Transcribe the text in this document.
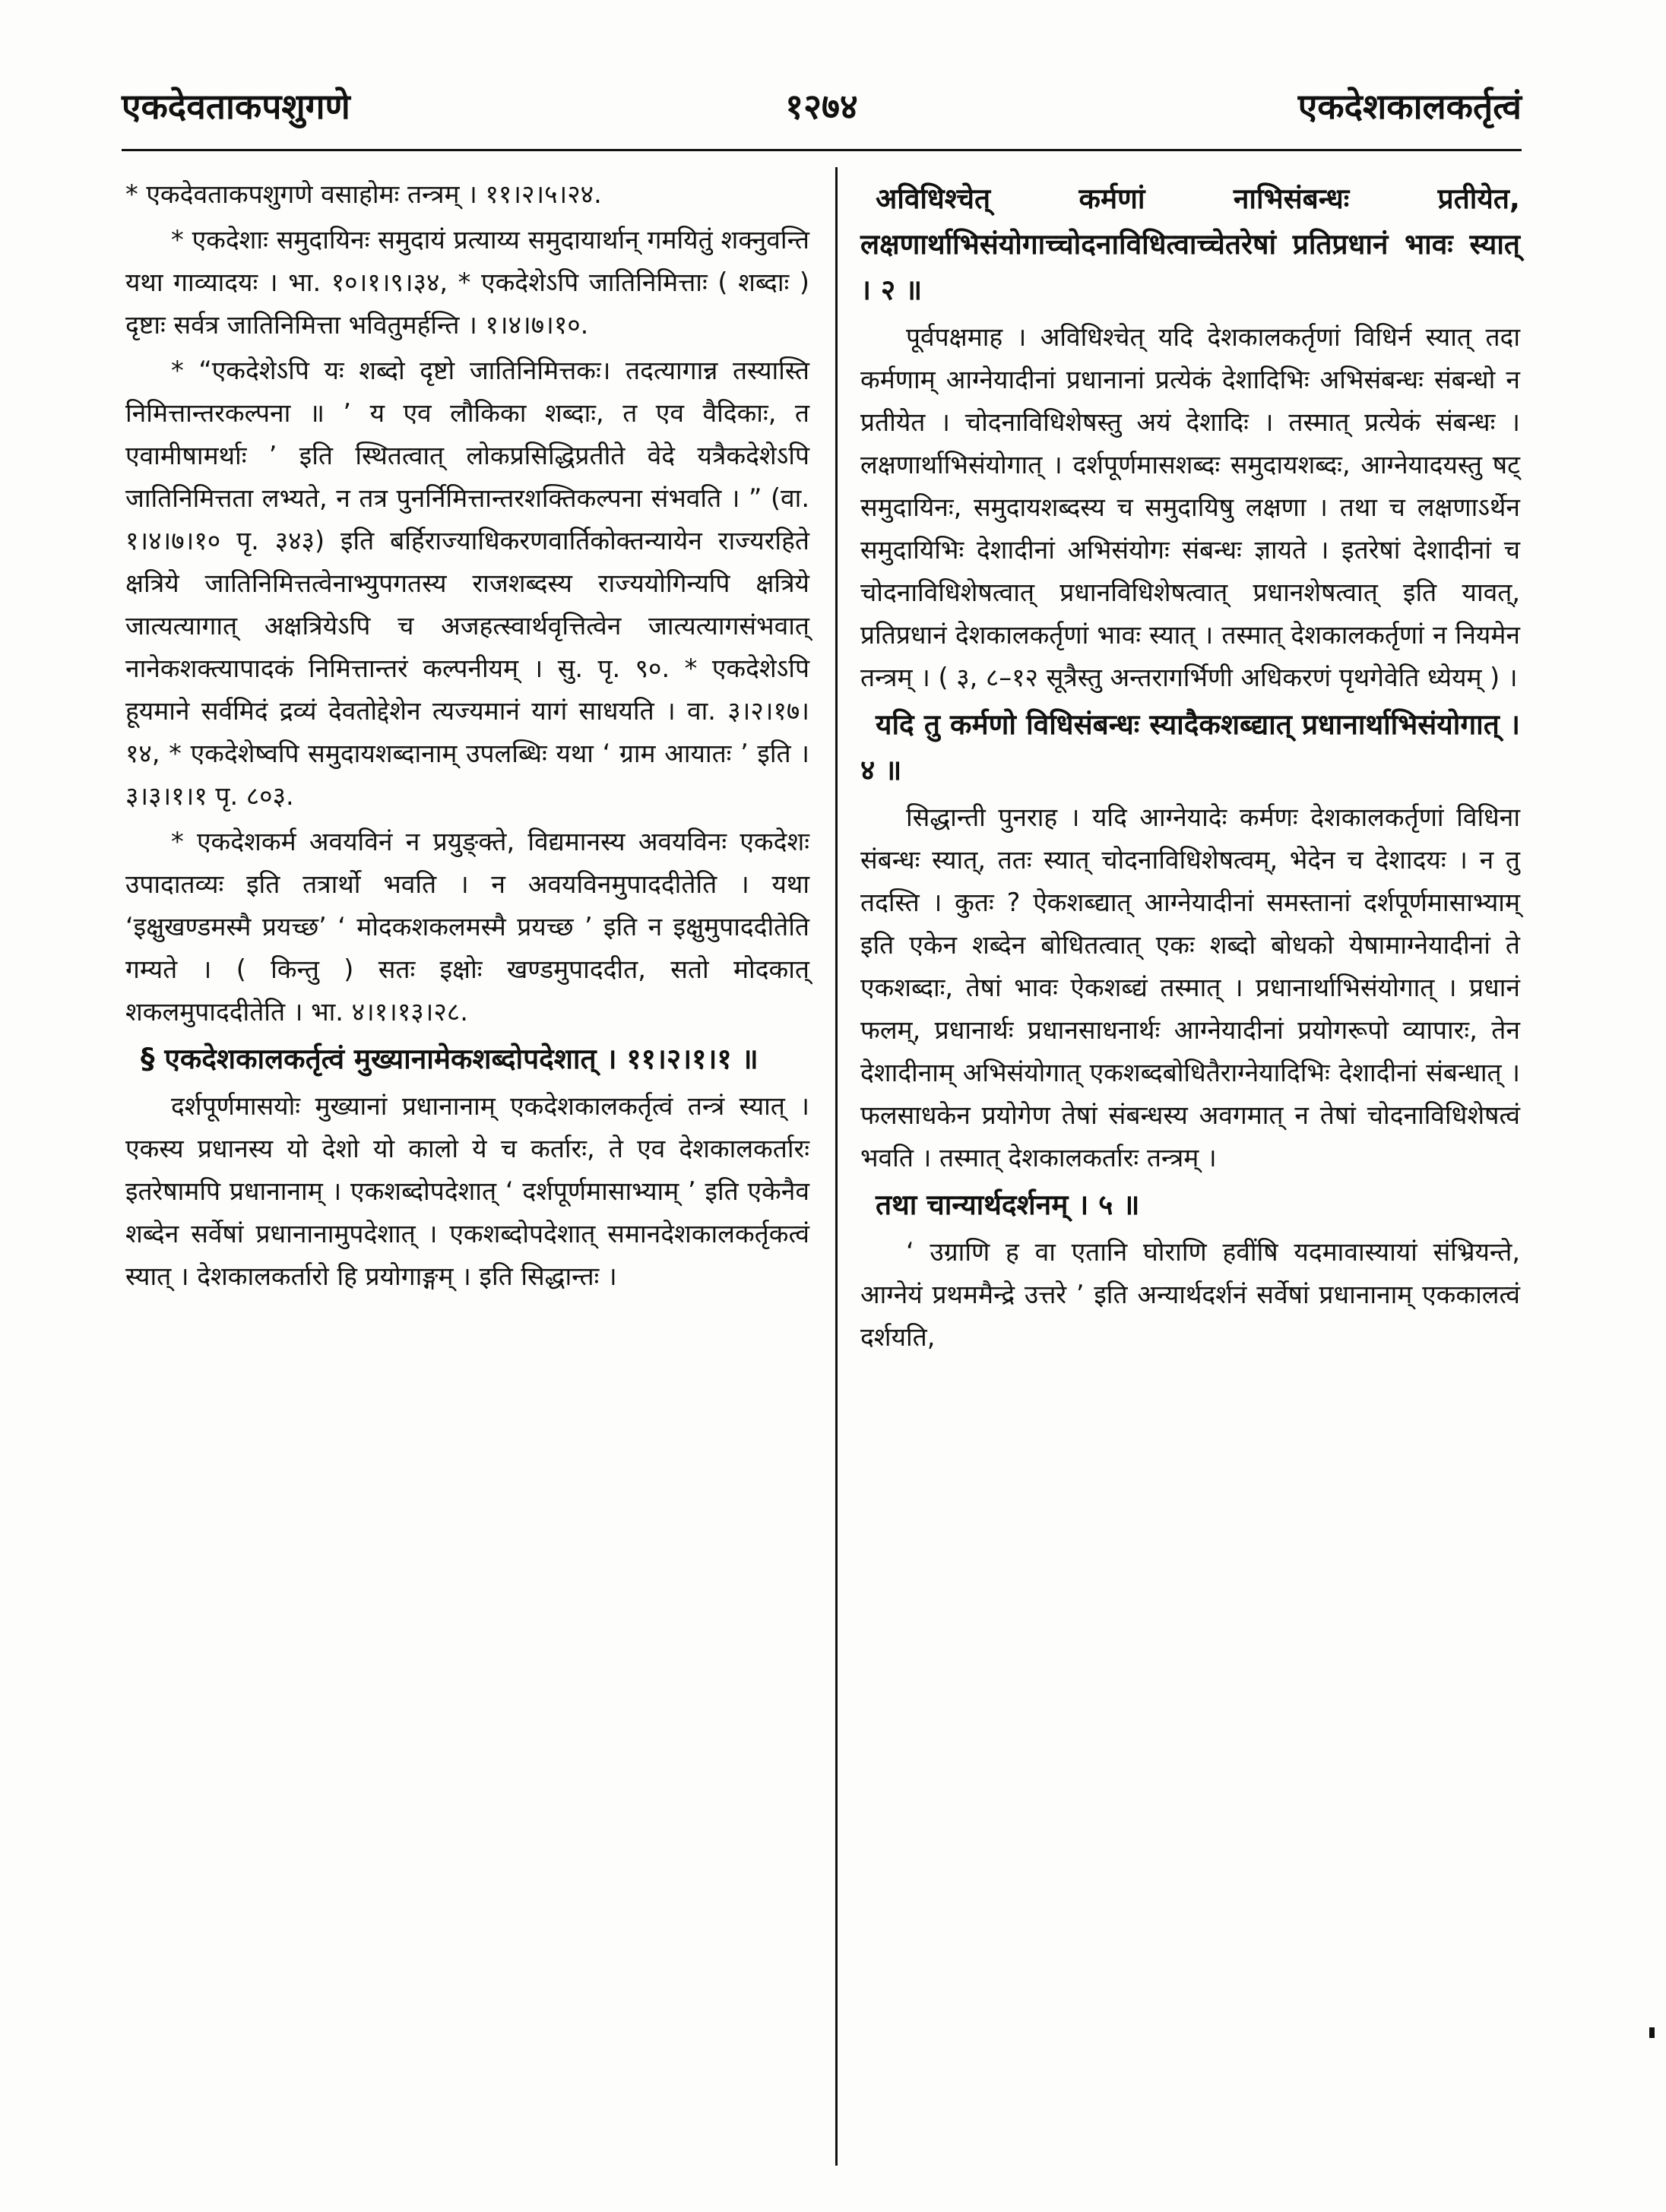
एकदेवताकपशुगणे	१२७४	एकदेशकालकर्तृत्वं

* एकदेवताकपशुगणे वसाहोमः तन्त्रम् । ११।२।५।२४.

* एकदेशाः समुदायिनः समुदायं प्रत्याय्य समुदायार्थान् गमयितुं शक्नुवन्ति यथा गाव्यादयः । भा. १०।१।९।३४, * एकदेशेऽपि जातिनिमित्ताः ( शब्दाः ) दृष्टाः सर्वत्र जातिनिमित्ता भवितुमर्हन्ति । १।४।७।१०.

* “एकदेशेऽपि यः शब्दो दृष्टो जातिनिमित्तकः। तदत्यागान्न तस्यास्ति निमित्तान्तरकल्पना ॥ ’ य एव लौकिका शब्दाः, त एव वैदिकाः, त एवामीषामर्थाः ’ इति स्थितत्वात् लोकप्रसिद्धिप्रतीते वेदे यत्रैकदेशेऽपि जातिनिमित्तता लभ्यते, न तत्र पुनर्निमित्तान्तरशक्तिकल्पना संभवति । ” (वा. १।४।७।१० पृ. ३४३) इति बर्हिराज्याधिकरणवार्तिकोक्तन्यायेन राज्यरहिते क्षत्रिये जातिनिमित्तत्वेनाभ्युपगतस्य राजशब्दस्य राज्ययोगिन्यपि क्षत्रिये जात्यत्यागात् अक्षत्रियेऽपि च अजहत्स्वार्थवृत्तित्वेन जात्यत्यागसंभवात् नानेकशक्त्यापादकं निमित्तान्तरं कल्पनीयम् । सु. पृ. ९०. * एकदेशेऽपि हूयमाने सर्वमिदं द्रव्यं देवतोद्देशेन त्यज्यमानं यागं साधयति । वा. ३।२।१७।१४, * एकदेशेष्वपि समुदायशब्दानाम् उपलब्धिः यथा ‘ ग्राम आयातः ’ इति । ३।३।१।१ पृ. ८०३.

* एकदेशकर्म अवयविनं न प्रयुङ्क्ते, विद्यमानस्य अवयविनः एकदेशः उपादातव्यः इति तत्रार्थो भवति । न अवयविनमुपाददीतेति । यथा ‘इक्षुखण्डमस्मै प्रयच्छ’ ‘ मोदकशकलमस्मै प्रयच्छ ’ इति न इक्षुमुपाददीतेति गम्यते । ( किन्तु ) सतः इक्षोः खण्डमुपाददीत, सतो मोदकात् शकलमुपाददीतेति । भा. ४।१।१३।२८.

§ एकदेशकालकर्तृत्वं मुख्यानामेकशब्दोपदेशात् । ११।२।१।१ ॥

दर्शपूर्णमासयोः मुख्यानां प्रधानानाम् एकदेशकालकर्तृत्वं तन्त्रं स्यात् । एकस्य प्रधानस्य यो देशो यो कालो ये च कर्तारः, ते एव देशकालकर्तारः इतरेषामपि प्रधानानाम् । एकशब्दोपदेशात् ‘ दर्शपूर्णमासाभ्याम् ’ इति एकेनैव शब्देन सर्वेषां प्रधानानामुपदेशात् । एकशब्दोपदेशात् समानदेशकालकर्तृकत्वं स्यात् । देशकालकर्तारो हि प्रयोगाङ्गम् । इति सिद्धान्तः ।

अविधिश्चेत् कर्मणां नाभिसंबन्धः प्रतीयेत, लक्षणार्थाभिसंयोगाच्चोदनाविधित्वाच्चेतरेषां प्रतिप्रधानं भावः स्यात् । २ ॥

पूर्वपक्षमाह । अविधिश्चेत् यदि देशकालकर्तृणां विधिर्न स्यात् तदा कर्मणाम् आग्नेयादीनां प्रधानानां प्रत्येकं देशादिभिः अभिसंबन्धः संबन्धो न प्रतीयेत । चोदनाविधिशेषस्तु अयं देशादिः । तस्मात् प्रत्येकं संबन्धः । लक्षणार्थाभिसंयोगात् । दर्शपूर्णमासशब्दः समुदायशब्दः, आग्नेयादयस्तु षट् समुदायिनः, समुदायशब्दस्य च समुदायिषु लक्षणा । तथा च लक्षणाऽर्थेन समुदायिभिः देशादीनां अभिसंयोगः संबन्धः ज्ञायते । इतरेषां देशादीनां च चोदनाविधिशेषत्वात् प्रधानविधिशेषत्वात् प्रधानशेषत्वात् इति यावत्, प्रतिप्रधानं देशकालकर्तृणां भावः स्यात् । तस्मात् देशकालकर्तृणां न नियमेन तन्त्रम् । ( ३, ८–१२ सूत्रैस्तु अन्तरागर्भिणी अधिकरणं पृथगेवेति ध्येयम् ) ।

यदि तु कर्मणो विधिसंबन्धः स्यादैकशब्द्यात् प्रधानार्थाभिसंयोगात् । ४ ॥

सिद्धान्ती पुनराह । यदि आग्नेयादेः कर्मणः देशकालकर्तृणां विधिना संबन्धः स्यात्, ततः स्यात् चोदनाविधिशेषत्वम्, भेदेन च देशादयः । न तु तदस्ति । कुतः ? ऐकशब्द्यात् आग्नेयादीनां समस्तानां दर्शपूर्णमासाभ्याम् इति एकेन शब्देन बोधितत्वात् एकः शब्दो बोधको येषामाग्नेयादीनां ते एकशब्दाः, तेषां भावः ऐकशब्द्यं तस्मात् । प्रधानार्थाभिसंयोगात् । प्रधानं फलम्, प्रधानार्थः प्रधानसाधनार्थः आग्नेयादीनां प्रयोगरूपो व्यापारः, तेन देशादीनाम् अभिसंयोगात् एकशब्दबोधितैराग्नेयादिभिः देशादीनां संबन्धात् । फलसाधकेन प्रयोगेण तेषां संबन्धस्य अवगमात् न तेषां चोदनाविधिशेषत्वं भवति । तस्मात् देशकालकर्तारः तन्त्रम् ।

तथा चान्यार्थदर्शनम् । ५ ॥

‘ उग्राणि ह वा एतानि घोराणि हवींषि यदमावास्यायां संभ्रियन्ते, आग्नेयं प्रथममैन्द्रे उत्तरे ’ इति अन्यार्थदर्शनं सर्वेषां प्रधानानाम् एककालत्वं दर्शयति,
